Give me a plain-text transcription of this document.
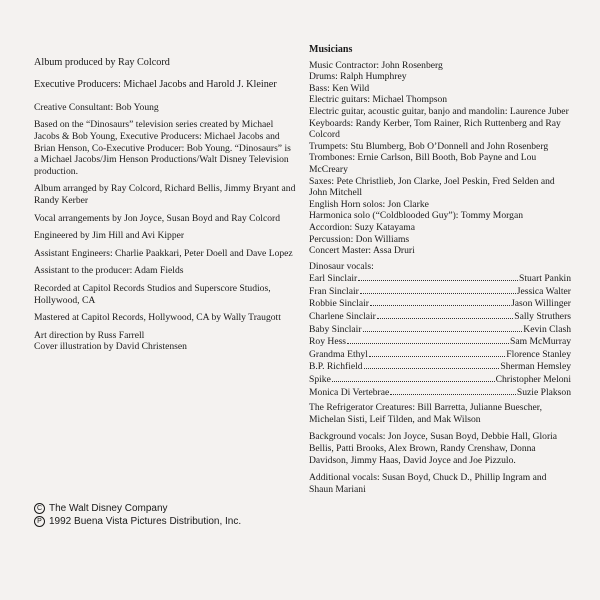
Album produced by Ray Colcord

Executive Producers: Michael Jacobs and Harold J. Kleiner

Creative Consultant: Bob Young

Based on the “Dinosaurs” television series created by Michael Jacobs & Bob Young, Executive Producers: Michael Jacobs and Brian Henson, Co-Executive Producer: Bob Young. “Dinosaurs” is a Michael Jacobs/Jim Henson Productions/Walt Disney Television production.

Album arranged by Ray Colcord, Richard Bellis, Jimmy Bryant and Randy Kerber

Vocal arrangements by Jon Joyce, Susan Boyd and Ray Colcord

Engineered by Jim Hill and Avi Kipper

Assistant Engineers: Charlie Paakkari, Peter Doell and Dave Lopez

Assistant to the producer: Adam Fields

Recorded at Capitol Records Studios and Superscore Studios, Hollywood, CA

Mastered at Capitol Records, Hollywood, CA by Wally Traugott

Art direction by Russ Farrell
Cover illustration by David Christensen
C The Walt Disney Company
P 1992 Buena Vista Pictures Distribution, Inc.
Musicians
Music Contractor: John Rosenberg
Drums: Ralph Humphrey
Bass: Ken Wild
Electric guitars: Michael Thompson
Electric guitar, acoustic guitar, banjo and mandolin: Laurence Juber
Keyboards: Randy Kerber, Tom Rainer, Rich Ruttenberg and Ray Colcord
Trumpets: Stu Blumberg, Bob O’Donnell and John Rosenberg
Trombones: Ernie Carlson, Bill Booth, Bob Payne and Lou McCreary
Saxes: Pete Christlieb, Jon Clarke, Joel Peskin, Fred Selden and John Mitchell
English Horn solos: Jon Clarke
Harmonica solo (“Coldblooded Guy”): Tommy Morgan
Accordion: Suzy Katayama
Percussion: Don Williams
Concert Master: Assa Druri
Dinosaur vocals:
Earl Sinclair	Stuart Pankin
Fran Sinclair	Jessica Walter
Robbie Sinclair	Jason Willinger
Charlene Sinclair	Sally Struthers
Baby Sinclair	Kevin Clash
Roy Hess	Sam McMurray
Grandma Ethyl	Florence Stanley
B.P. Richfield	Sherman Hemsley
Spike	Christopher Meloni
Monica Di Vertebrae	Suzie Plakson

The Refrigerator Creatures: Bill Barretta, Julianne Buescher, Michelan Sisti, Leif Tilden, and Mak Wilson

Background vocals: Jon Joyce, Susan Boyd, Debbie Hall, Gloria Bellis, Patti Brooks, Alex Brown, Randy Crenshaw, Donna Davidson, Jimmy Haas, David Joyce and Joe Pizzulo.

Additional vocals: Susan Boyd, Chuck D., Phillip Ingram and Shaun Mariani
